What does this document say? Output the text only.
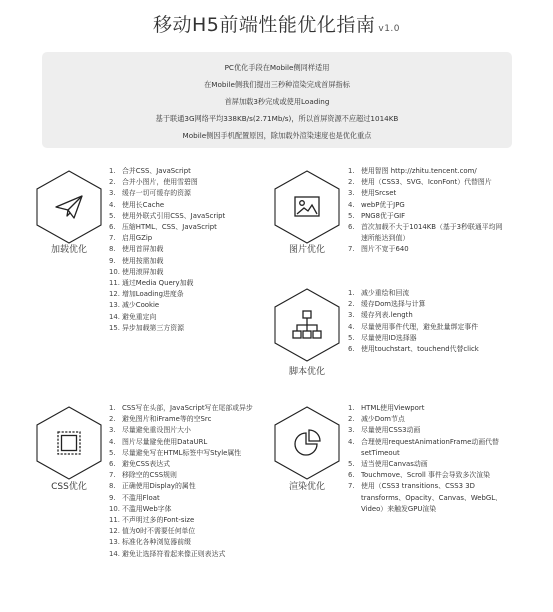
移动H5前端性能优化指南 v1.0
PC优化手段在Mobile侧同样适用
在Mobile侧我们提出三秒种渲染完成首屏指标
首屏加载3秒完成或使用Loading
基于联通3G网络平均338KB/s(2.71Mb/s)，所以首屏资源不应超过1014KB
Mobile侧因手机配置原因，除加载外渲染速度也是优化重点
加载优化
1. 合并CSS、JavaScript
2. 合并小图片，使用雪碧图
3. 缓存一切可缓存的资源
4. 使用长Cache
5. 使用外联式引用CSS、JavaScript
6. 压缩HTML、CSS、JavaScript
7. 启用GZip
8. 使用首屏加载
9. 使用按需加载
10. 使用滚屏加载
11. 通过Media Query加载
12. 增加Loading进度条
13. 减少Cookie
14. 避免重定向
15. 异步加载第三方资源
图片优化
1. 使用智图 http://zhitu.tencent.com/
2. 使用（CSS3、SVG、IconFont）代替图片
3. 使用Srcset
4. webP优于JPG
5. PNG8优于GIF
6. 首次加载不大于1014KB（基于3秒联通平均网速所能达到值）
7. 图片不宽于640
脚本优化
1. 减少重绘和回流
2. 缓存Dom选择与计算
3. 缓存列表.length
4. 尽量使用事件代理，避免批量绑定事件
5. 尽量使用ID选择器
6. 使用touchstart、touchend代替click
CSS优化
1. CSS写在头部，JavaScript写在尾部或异步
2. 避免图片和iFrame等的空Src
3. 尽量避免重设图片大小
4. 图片尽量避免使用DataURL
5. 尽量避免写在HTML标签中写Style属性
6. 避免CSS表达式
7. 移除空的CSS规则
8. 正确使用Display的属性
9. 不滥用Float
10. 不滥用Web字体
11. 不声明过多的Font-size
12. 值为0时不需要任何单位
13. 标准化各种浏览器前缀
14. 避免让选择符看起来像正则表达式
渲染优化
1. HTML使用Viewport
2. 减少Dom节点
3. 尽量使用CSS3动画
4. 合理使用requestAnimationFrame动画代替setTimeout
5. 适当使用Canvas动画
6. Touchmove、Scroll 事件会导致多次渲染
7. 使用（CSS3 transitions、CSS3 3D transforms、Opacity、Canvas、WebGL、Video）来触发GPU渲染
